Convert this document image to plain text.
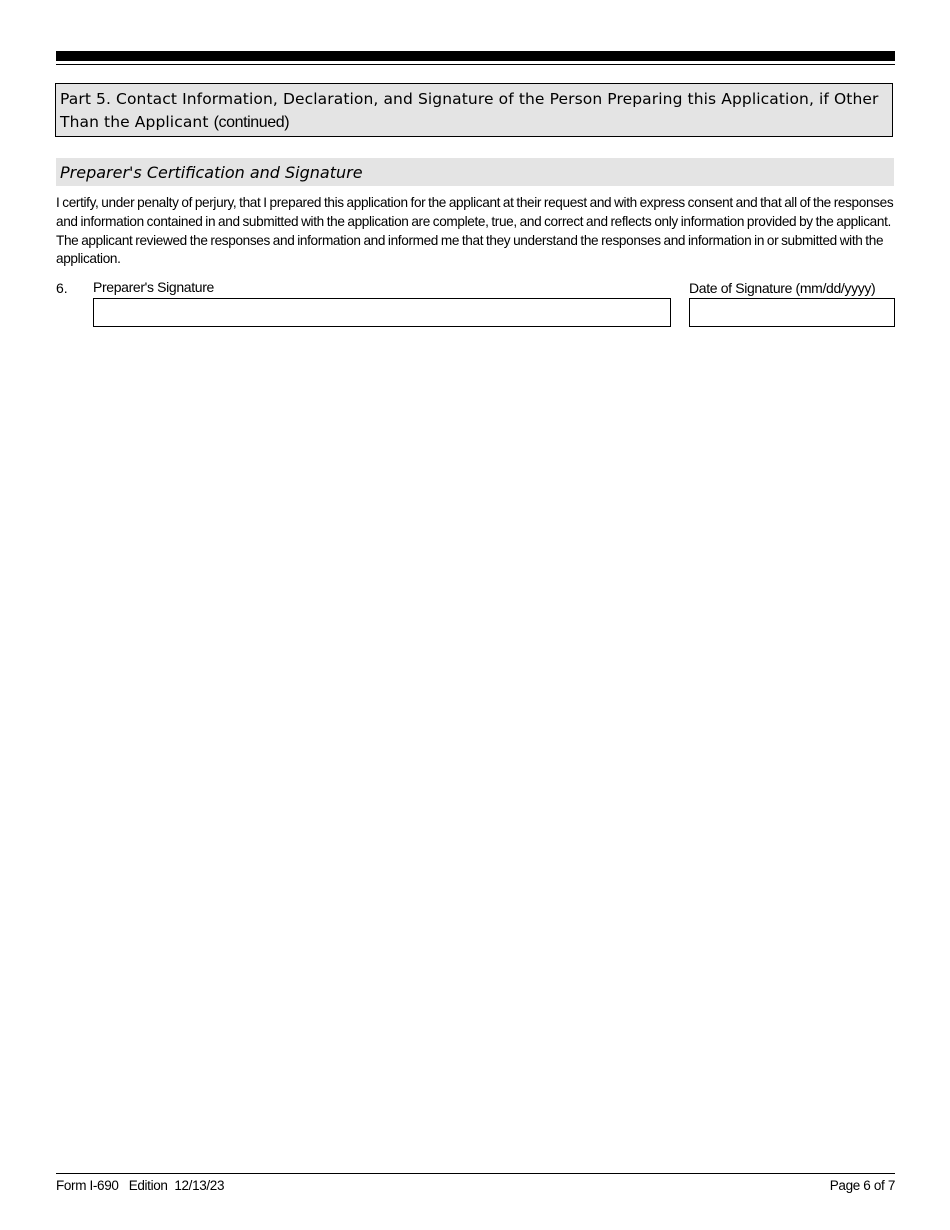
Part 5. Contact Information, Declaration, and Signature of the Person Preparing this Application, if Other Than the Applicant (continued)
Preparer's Certification and Signature
I certify, under penalty of perjury, that I prepared this application for the applicant at their request and with express consent and that all of the responses and information contained in and submitted with the application are complete, true, and correct and reflects only information provided by the applicant. The applicant reviewed the responses and information and informed me that they understand the responses and information in or submitted with the application.
6. Preparer's Signature	Date of Signature (mm/dd/yyyy)
Form I-690   Edition  12/13/23	Page 6 of 7
